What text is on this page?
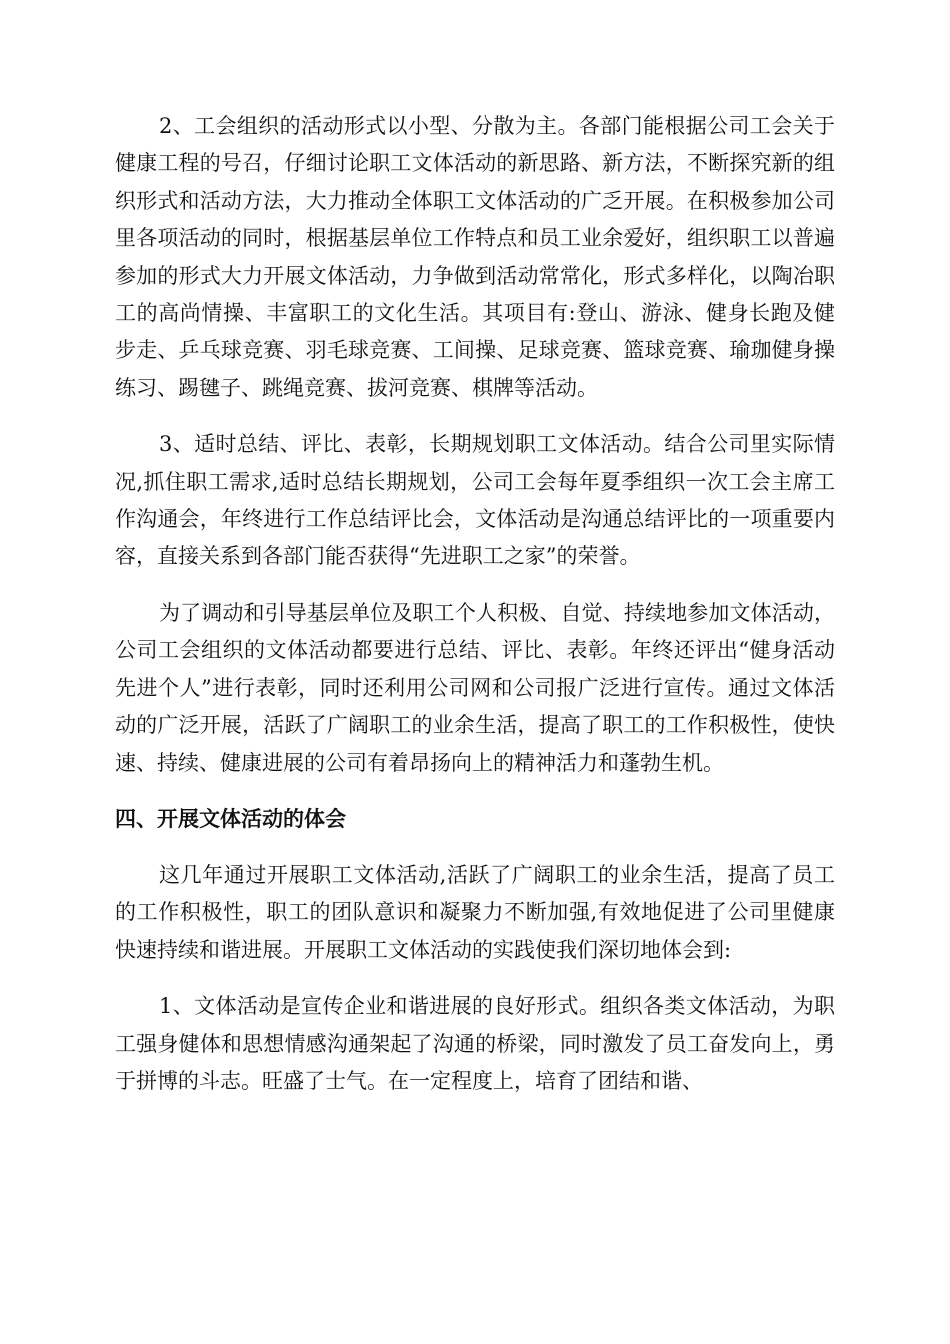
2、工会组织的活动形式以小型、分散为主。各部门能根据公司工会关于健康工程的号召，仔细讨论职工文体活动的新思路、新方法，不断探究新的组织形式和活动方法，大力推动全体职工文体活动的广乏开展。在积极参加公司里各项活动的同时，根据基层单位工作特点和员工业余爱好，组织职工以普遍参加的形式大力开展文体活动，力争做到活动常常化，形式多样化，以陶冶职工的高尚情操、丰富职工的文化生活。其项目有:登山、游泳、健身长跑及健步走、乒乓球竞赛、羽毛球竞赛、工间操、足球竞赛、篮球竞赛、瑜珈健身操练习、踢毽子、跳绳竞赛、拔河竞赛、棋牌等活动。

3、适时总结、评比、表彰，长期规划职工文体活动。结合公司里实际情况,抓住职工需求,适时总结长期规划，公司工会每年夏季组织一次工会主席工作沟通会，年终进行工作总结评比会，文体活动是沟通总结评比的一项重要内容，直接关系到各部门能否获得“先进职工之家”的荣誉。

为了调动和引导基层单位及职工个人积极、自觉、持续地参加文体活动，公司工会组织的文体活动都要进行总结、评比、表彰。年终还评出“健身活动先进个人”进行表彰，同时还利用公司网和公司报广泛进行宣传。通过文体活动的广泛开展，活跃了广阔职工的业余生活，提高了职工的工作积极性，使快速、持续、健康进展的公司有着昂扬向上的精神活力和蓬勃生机。

四、开展文体活动的体会

这几年通过开展职工文体活动,活跃了广阔职工的业余生活，提高了员工的工作积极性，职工的团队意识和凝聚力不断加强,有效地促进了公司里健康快速持续和谐进展。开展职工文体活动的实践使我们深切地体会到:

1、文体活动是宣传企业和谐进展的良好形式。组织各类文体活动，为职工强身健体和思想情感沟通架起了沟通的桥梁，同时激发了员工奋发向上，勇于拼博的斗志。旺盛了士气。在一定程度上，培育了团结和谐、
